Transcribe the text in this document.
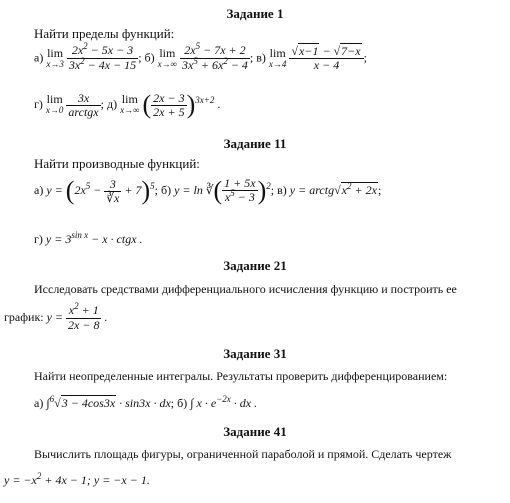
Задание 1
Найти пределы функций:
а) lim
x→3
$\frac{2x^2 - 5x - 3}{3x^2 - 4x - 15}$ ; б) lim
x→∞
$\frac{2x^5 - 7x + 2}{3x^5 + 6x^2 - 4}$ ; в) lim
x→4
$\frac{√x-1 - √7-x}{x - 4}$ ;
г) lim
x→0
$\frac{3x}{\text{arctgx}}$ ; д) lim
x→∞ ( $\frac{2x - 3}{2x + 5} )^{3x+2}$ .
Задание 11
Найти производные функций:
а) $y = (2x^5 - \frac{3}{∛x} + 7)^5$; б) y = ln ∛( $\frac{1 + 5x}{x^5 - 3} )^2$; в) $y = arctg√x^2 + 2x$;
г) $y = 3^{sin x} - x$ · ctgx .
Задание 21
Исследовать средствами дифференциального исчисления функцию и построить ее
график: $y = \frac{x^2 + 1}{2x - 8}$ .
Задание 31
Найти неопределенные интегралы. Результаты проверить дифференцированием:
а) ∫$^6$√3 − 4cos3x · sin3x · dx; б) ∫ $x \cdot e^{-2x}$ · dx .
Задание 41
Вычислить площадь фигуры, ограниченной параболой и прямой. Сделать чертеж
$y = -x^2 + 4x - 1$; y = −x − 1.
